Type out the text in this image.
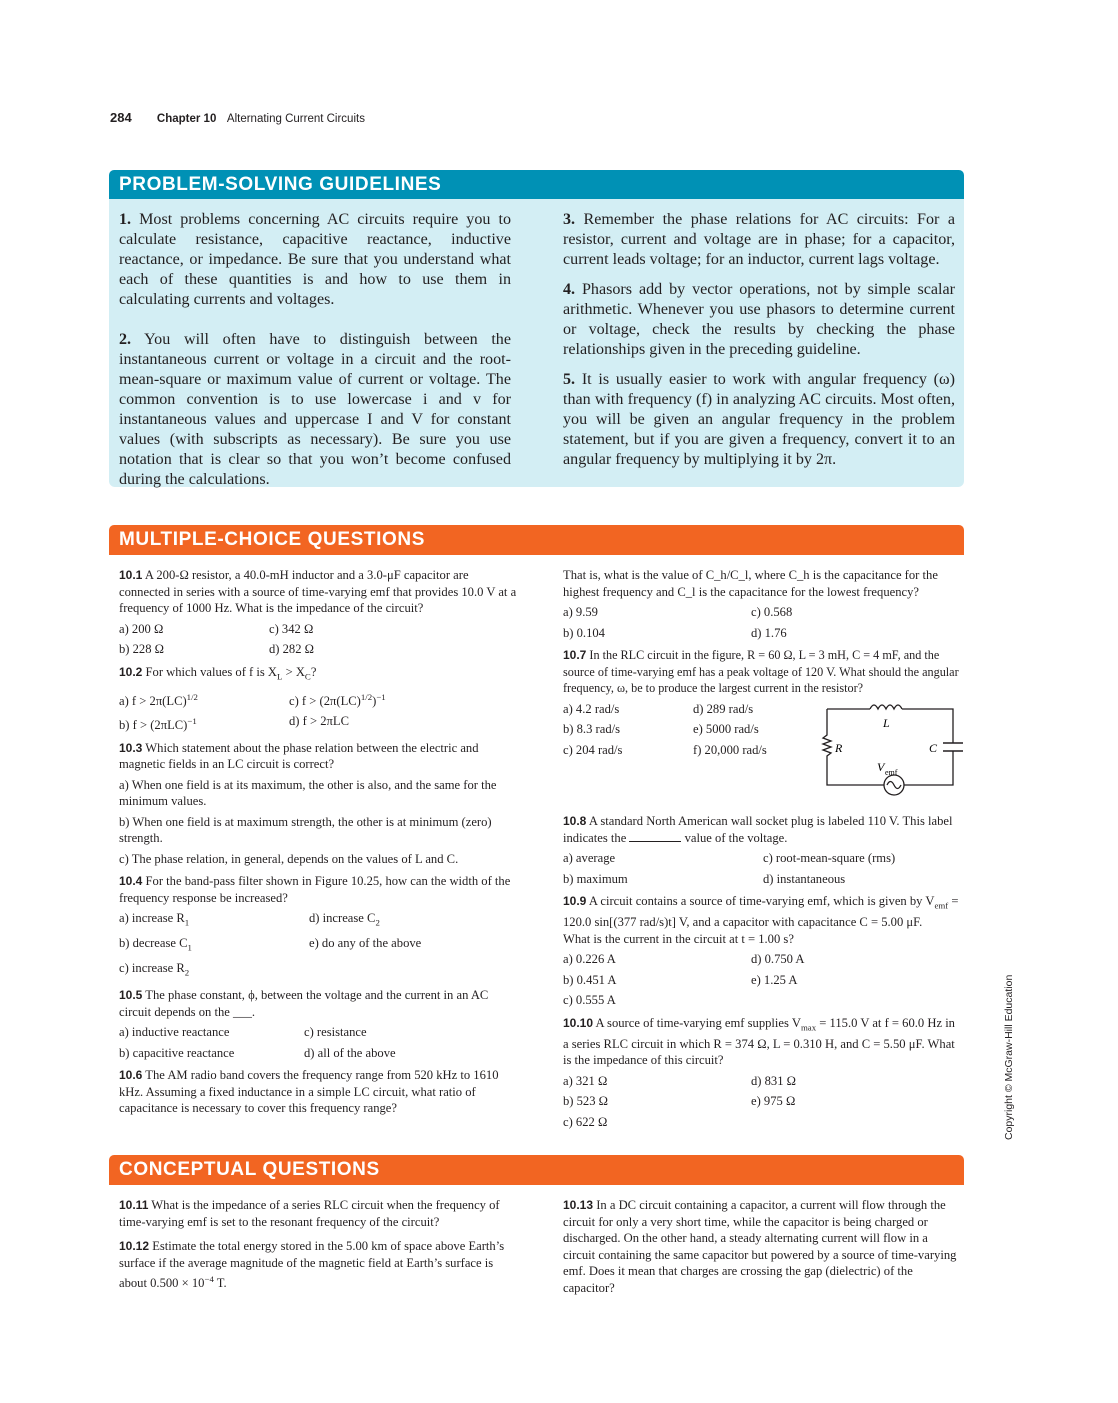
284 Chapter 10 Alternating Current Circuits
PROBLEM-SOLVING GUIDELINES

1. Most problems concerning AC circuits require you to calculate resistance, capacitive reactance, inductive reactance, or impedance. Be sure that you understand what each of these quantities is and how to use them in calculating currents and voltages.

2. You will often have to distinguish between the instantaneous current or voltage in a circuit and the root-mean-square or maximum value of current or voltage. The common convention is to use lowercase i and v for instantaneous values and uppercase I and V for constant values (with subscripts as necessary). Be sure you use notation that is clear so that you won’t become confused during the calculations.

3. Remember the phase relations for AC circuits: For a resistor, current and voltage are in phase; for a capacitor, current leads voltage; for an inductor, current lags voltage.

4. Phasors add by vector operations, not by simple scalar arithmetic. Whenever you use phasors to determine current or voltage, check the results by checking the phase relationships given in the preceding guideline.

5. It is usually easier to work with angular frequency (ω) than with frequency (f) in analyzing AC circuits. Most often, you will be given an angular frequency in the problem statement, but if you are given a frequency, convert it to an angular frequency by multiplying it by 2π.

MULTIPLE-CHOICE QUESTIONS

10.1 A 200-Ω resistor, a 40.0-mH inductor and a 3.0-μF capacitor are connected in series with a source of time-varying emf that provides 10.0 V at a frequency of 1000 Hz. What is the impedance of the circuit?

a) 200 Ω	c) 342 Ω
b) 228 Ω	d) 282 Ω

10.2 For which values of f is $X_L > X_C$?

a) f > 2π(LC)$^{1/2}$	c) $f > (2\pi(LC)^{1/2})^{-1}$
b) $f > (2\pi LC)^{-1}$	d) f > 2πLC

10.3 Which statement about the phase relation between the electric and magnetic fields in an LC circuit is correct?

a) When one field is at its maximum, the other is also, and the same for the minimum values.

b) When one field is at maximum strength, the other is at minimum (zero) strength.

c) The phase relation, in general, depends on the values of L and C.

10.4 For the band-pass filter shown in Figure 10.25, how can the width of the frequency response be increased?

a) increase $R_1$	d) increase $C_2$
b) decrease $C_1$	e) do any of the above
c) increase $R_2$

10.5 The phase constant, ϕ, between the voltage and the current in an AC circuit depends on the ___.

a) inductive reactance	c) resistance
b) capacitive reactance	d) all of the above

10.6 The AM radio band covers the frequency range from 520 kHz to 1610 kHz. Assuming a fixed inductance in a simple LC circuit, what ratio of capacitance is necessary to cover this frequency range?

That is, what is the value of C_h/C_l, where C_h is the capacitance for the highest frequency and C_l is the capacitance for the lowest frequency?

a) 9.59	c) 0.568
b) 0.104	d) 1.76

10.7 In the RLC circuit in the figure, R = 60 Ω, L = 3 mH, C = 4 mF, and the source of time-varying emf has a peak voltage of 120 V. What should the angular frequency, ω, be to produce the largest current in the resistor?

a) 4.2 rad/s	d) 289 rad/s
b) 8.3 rad/s	e) 5000 rad/s
c) 204 rad/s	f) 20,000 rad/s
L
R	C
V emf

10.8 A standard North American wall socket plug is labeled 110 V. This label indicates the	value of the voltage.

a) average	c) root-mean-square (rms)
b) maximum	d) instantaneous

10.9 A circuit contains a source of time-varying emf, which is given by $V_{emf} = 120.0$ sin[(377 rad/s)t] V, and a capacitor with capacitance C = 5.00 μF.

What is the current in the circuit at t = 1.00 s?

a) 0.226 A	d) 0.750 A
b) 0.451 A	e) 1.25 A
c) 0.555 A

10.10 A source of time-varying emf supplies $V_{max} = 115.0$ V at f = 60.0 Hz in a series RLC circuit in which R = 374 Ω, L = 0.310 H, and C = 5.50 μF. What is the impedance of this circuit?

a) 321 Ω	d) 831 Ω
b) 523 Ω	e) 975 Ω
c) 622 Ω
CONCEPTUAL QUESTIONS

10.11 What is the impedance of a series RLC circuit when the frequency of time-varying emf is set to the resonant frequency of the circuit?

10.12 Estimate the total energy stored in the 5.00 km of space above Earth’s surface if the average magnitude of the magnetic field at Earth’s surface is about $0.500 \times 10^{-4}$ T.

10.13 In a DC circuit containing a capacitor, a current will flow through the circuit for only a very short time, while the capacitor is being charged or discharged. On the other hand, a steady alternating current will flow in a circuit containing the same capacitor but powered by a source of time-varying emf. Does it mean that charges are crossing the gap (dielectric) of the capacitor?

Copyright © McGraw-Hill Education
